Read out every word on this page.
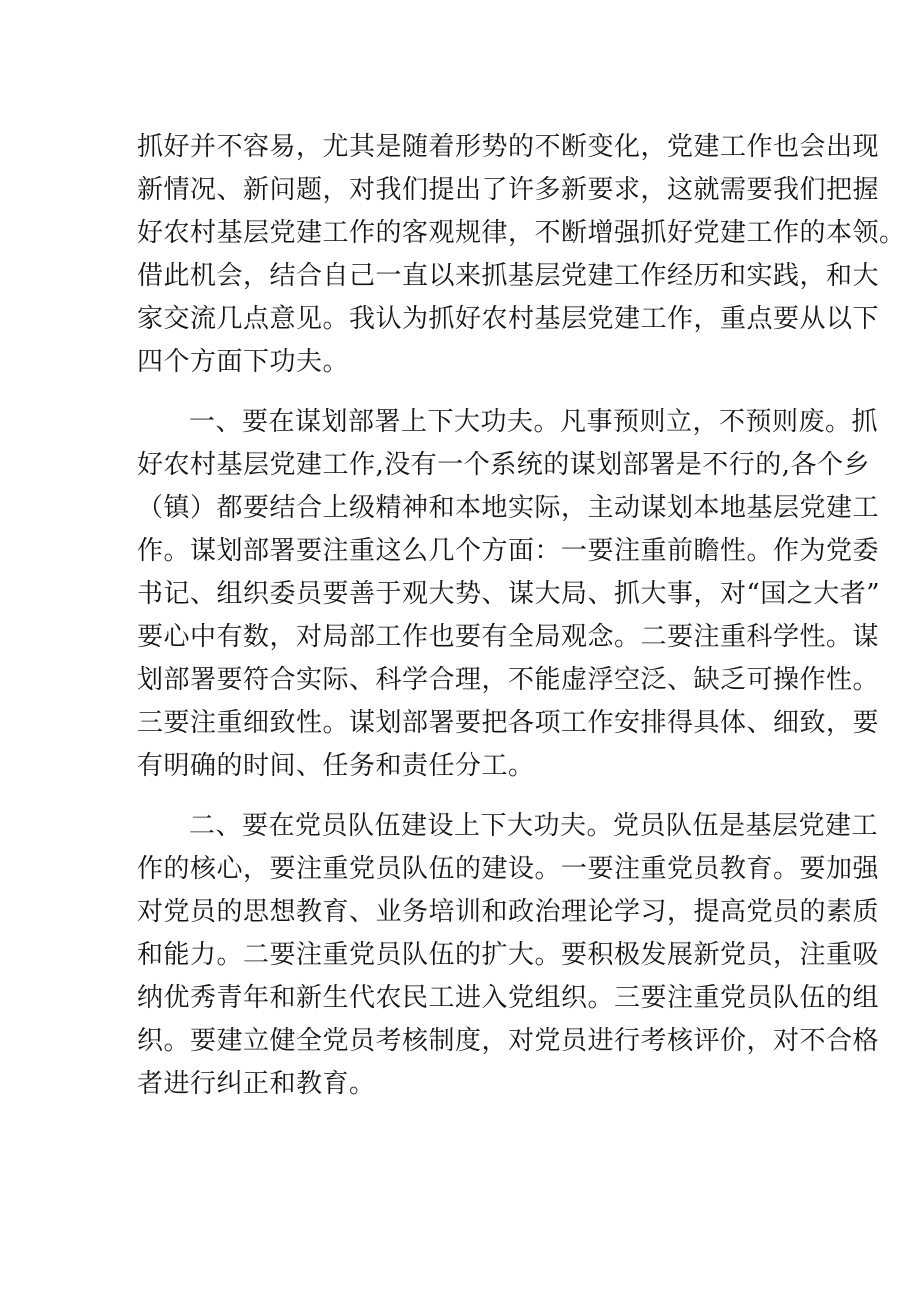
抓好并不容易，尤其是随着形势的不断变化，党建工作也会出现
新情况、新问题，对我们提出了许多新要求，这就需要我们把握
好农村基层党建工作的客观规律，不断增强抓好党建工作的本领。
借此机会，结合自己一直以来抓基层党建工作经历和实践，和大
家交流几点意见。我认为抓好农村基层党建工作，重点要从以下
四个方面下功夫。
一、要在谋划部署上下大功夫。凡事预则立，不预则废。抓
好农村基层党建工作,没有一个系统的谋划部署是不行的,各个乡
（镇）都要结合上级精神和本地实际，主动谋划本地基层党建工
作。谋划部署要注重这么几个方面：一要注重前瞻性。作为党委
书记、组织委员要善于观大势、谋大局、抓大事，对“国之大者”
要心中有数，对局部工作也要有全局观念。二要注重科学性。谋
划部署要符合实际、科学合理，不能虚浮空泛、缺乏可操作性。
三要注重细致性。谋划部署要把各项工作安排得具体、细致，要
有明确的时间、任务和责任分工。
二、要在党员队伍建设上下大功夫。党员队伍是基层党建工
作的核心，要注重党员队伍的建设。一要注重党员教育。要加强
对党员的思想教育、业务培训和政治理论学习，提高党员的素质
和能力。二要注重党员队伍的扩大。要积极发展新党员，注重吸
纳优秀青年和新生代农民工进入党组织。三要注重党员队伍的组
织。要建立健全党员考核制度，对党员进行考核评价，对不合格
者进行纠正和教育。
